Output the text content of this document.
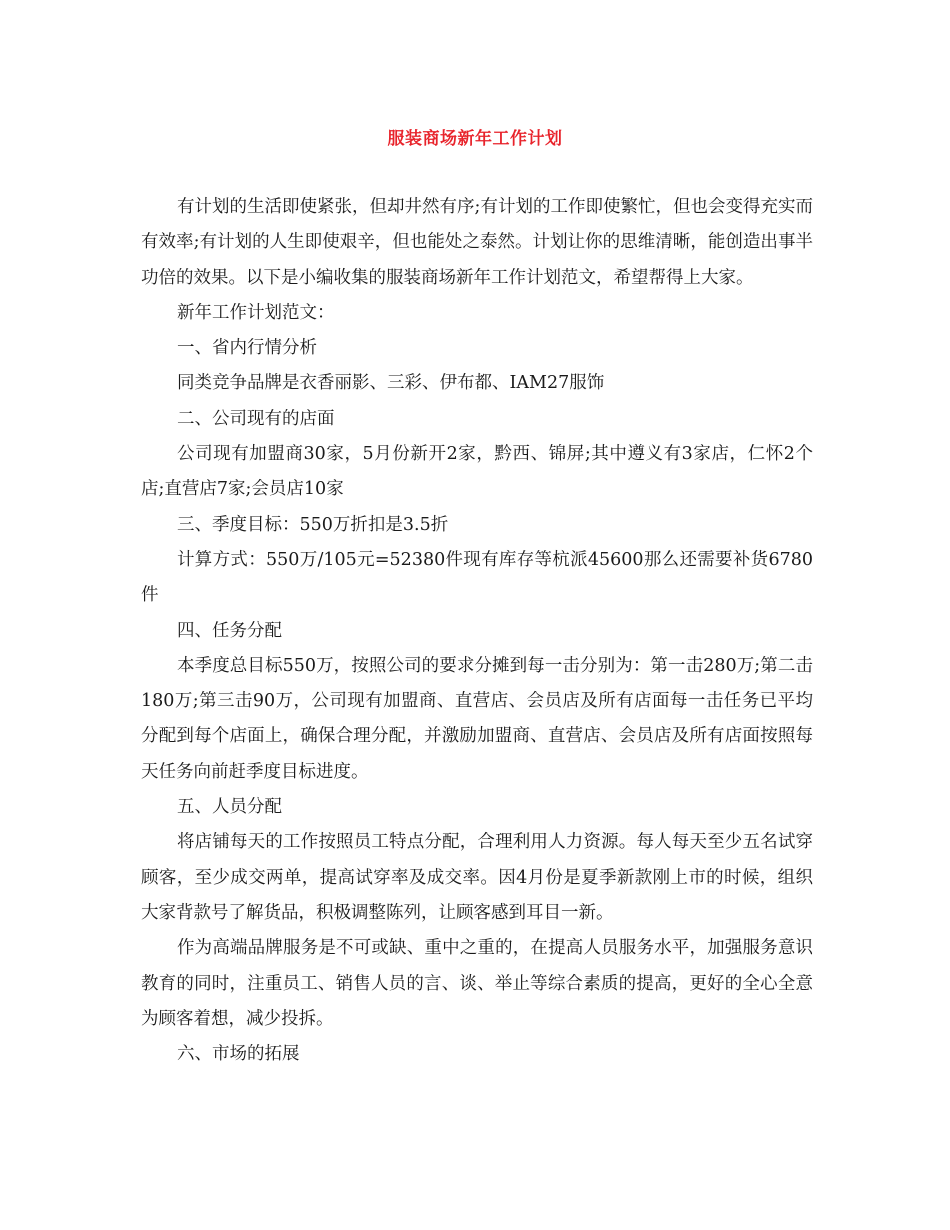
服装商场新年工作计划

有计划的生活即使紧张，但却井然有序;有计划的工作即使繁忙，但也会变得充实而有效率;有计划的人生即使艰辛，但也能处之泰然。计划让你的思维清晰，能创造出事半功倍的效果。以下是小编收集的服装商场新年工作计划范文，希望帮得上大家。

新年工作计划范文：

一、省内行情分析

同类竞争品牌是衣香丽影、三彩、伊布都、IAM27服饰

二、公司现有的店面

公司现有加盟商30家，5月份新开2家，黔西、锦屏;其中遵义有3家店，仁怀2个店;直营店7家;会员店10家

三、季度目标：550万折扣是3.5折

计算方式：550万/105元=52380件现有库存等杭派45600那么还需要补货6780件

四、任务分配

本季度总目标550万，按照公司的要求分摊到每一击分别为：第一击280万;第二击180万;第三击90万，公司现有加盟商、直营店、会员店及所有店面每一击任务已平均分配到每个店面上，确保合理分配，并激励加盟商、直营店、会员店及所有店面按照每天任务向前赶季度目标进度。

五、人员分配

将店铺每天的工作按照员工特点分配，合理利用人力资源。每人每天至少五名试穿顾客，至少成交两单，提高试穿率及成交率。因4月份是夏季新款刚上市的时候，组织大家背款号了解货品，积极调整陈列，让顾客感到耳目一新。

作为高端品牌服务是不可或缺、重中之重的，在提高人员服务水平，加强服务意识教育的同时，注重员工、销售人员的言、谈、举止等综合素质的提高，更好的全心全意为顾客着想，减少投拆。

六、市场的拓展
